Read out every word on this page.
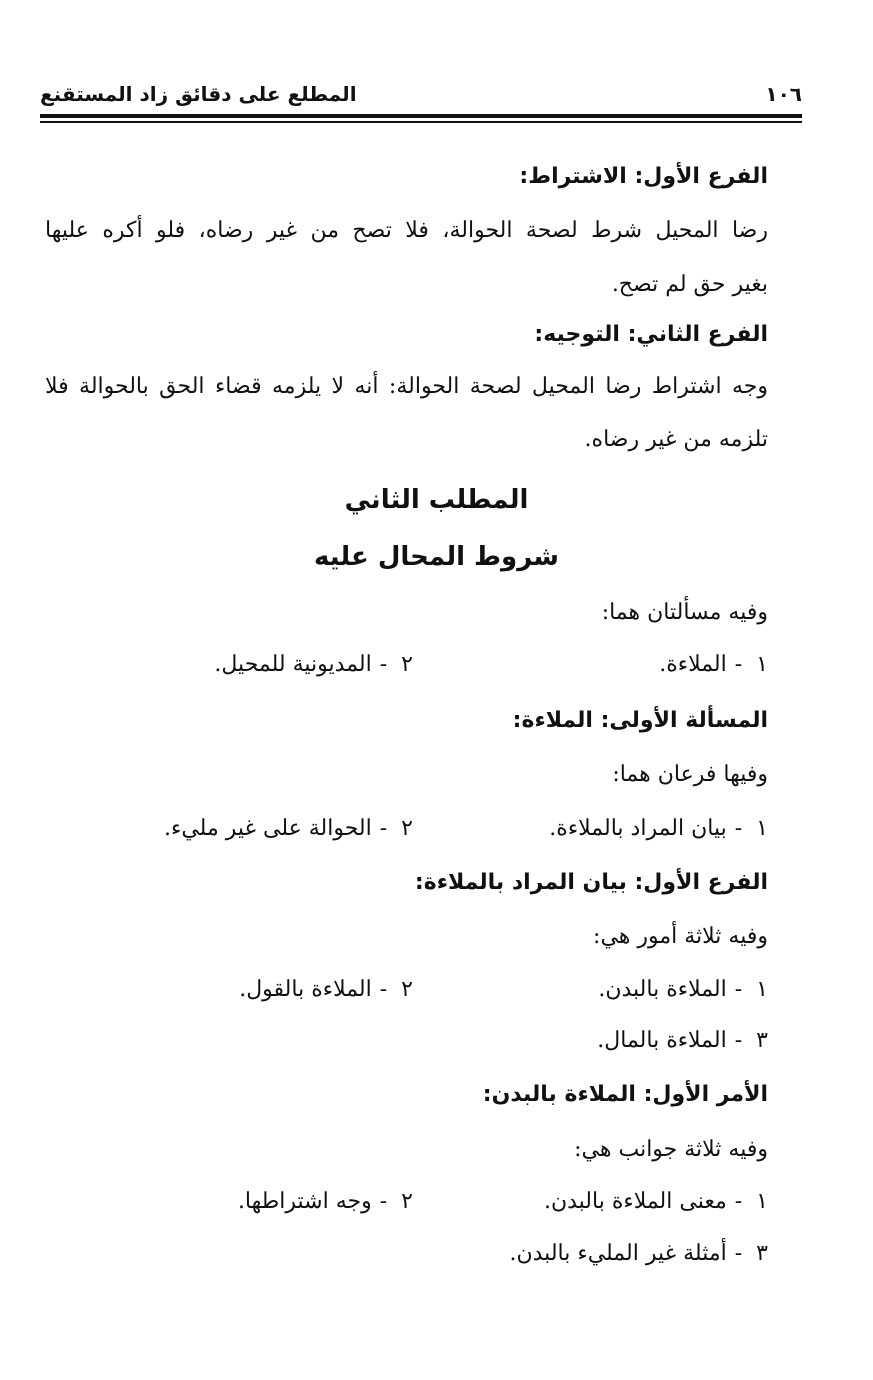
١٠٦
المطلع على دقائق زاد المستقنع
الفرع الأول: الاشتراط:
رضا المحيل شرط لصحة الحوالة، فلا تصح من غير رضاه، فلو أكره عليها
بغير حق لم تصح.
الفرع الثاني: التوجيه:
وجه اشتراط رضا المحيل لصحة الحوالة: أنه لا يلزمه قضاء الحق بالحوالة فلا
تلزمه من غير رضاه.
المطلب الثاني
شروط المحال عليه
وفيه مسألتان هما:
١-الملاءة.
٢-المديونية للمحيل.
المسألة الأولى: الملاءة:
وفيها فرعان هما:
١-بيان المراد بالملاءة.
٢-الحوالة على غير مليء.
الفرع الأول: بيان المراد بالملاءة:
وفيه ثلاثة أمور هي:
١-الملاءة بالبدن.
٢-الملاءة بالقول.
٣-الملاءة بالمال.
الأمر الأول: الملاءة بالبدن:
وفيه ثلاثة جوانب هي:
١-معنى الملاءة بالبدن.
٢-وجه اشتراطها.
٣-أمثلة غير المليء بالبدن.
